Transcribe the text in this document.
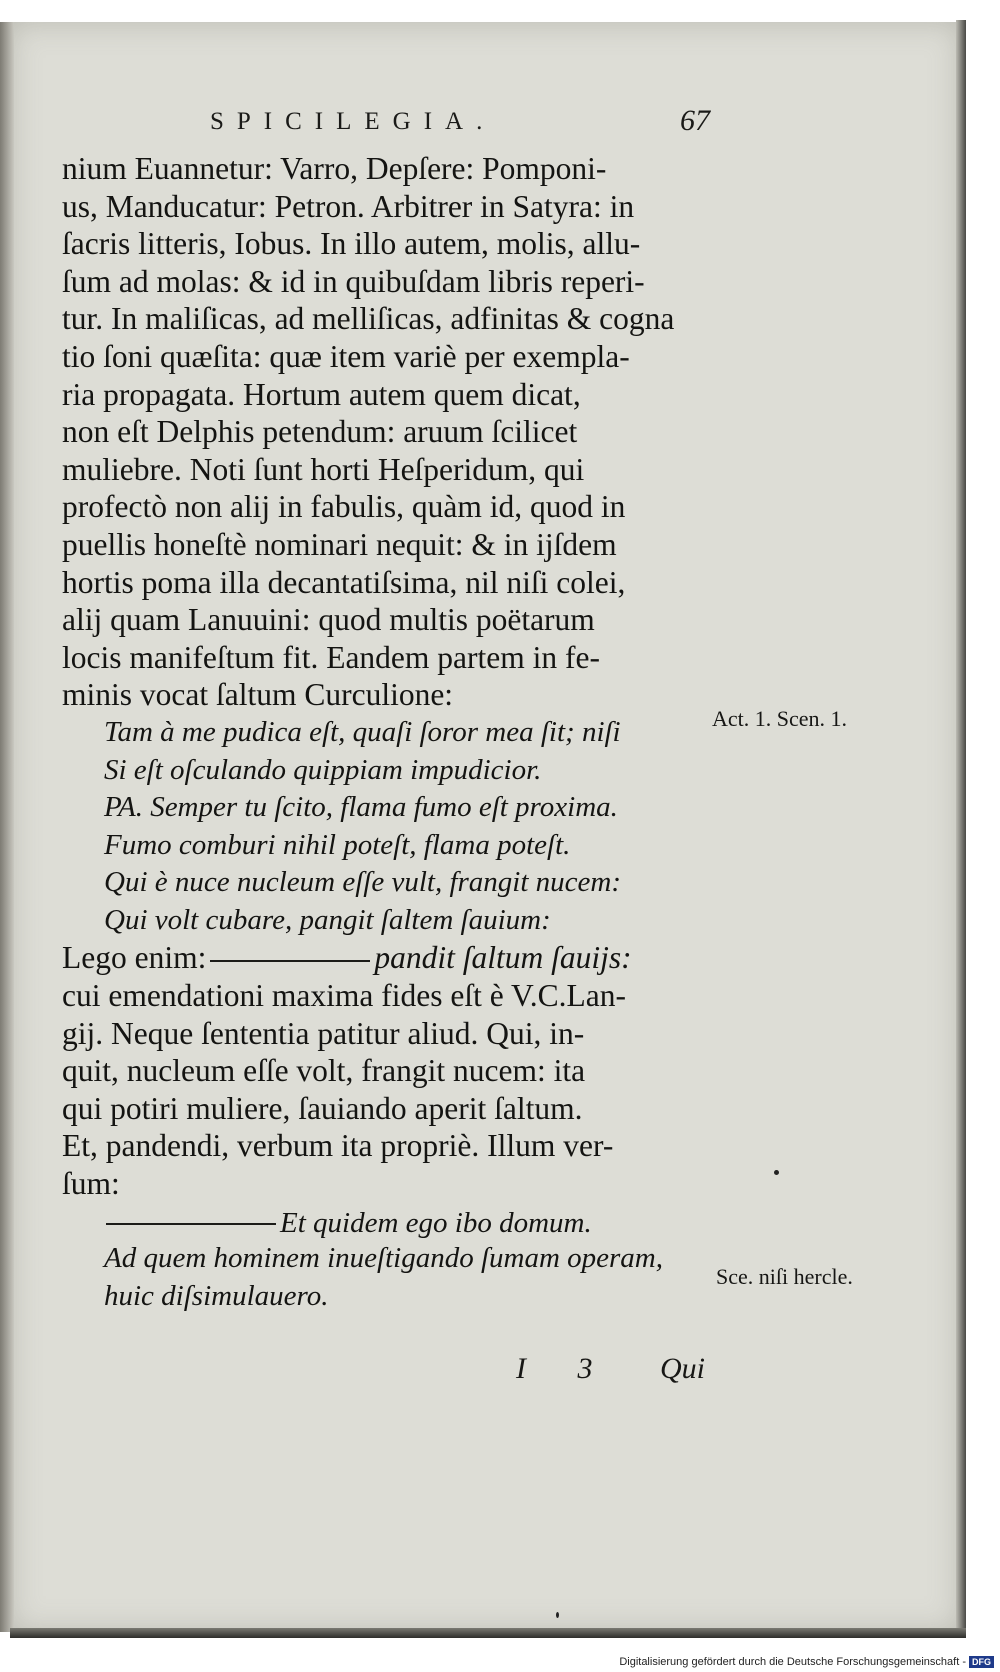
SPICILEGIA.	67
nium Euannetur: Varro, Depſere: Pomponi-
us, Manducatur: Petron. Arbitrer in Satyra: in
ſacris litteris, Iobus. In illo autem, molis, allu-
ſum ad molas: & id in quibuſdam libris reperi-
tur. In maliſicas, ad melliſicas, adfinitas & cogna
tio ſoni quæſita: quæ item variè per exempla-
ria propagata. Hortum autem quem dicat,
non eſt Delphis petendum: aruum ſcilicet
muliebre. Noti ſunt horti Heſperidum, qui
profectò non alij in fabulis, quàm id, quod in
puellis honeſtè nominari nequit: & in ijſdem
hortis poma illa decantatiſsima, nil niſi colei,
alij quam Lanuuini: quod multis poëtarum
locis manifeſtum fit. Eandem partem in fe-
minis vocat ſaltum Curculione:
Tam à me pudica eſt, quaſi ſoror mea ſit; niſi
Si eſt oſculando quippiam impudicior.
PA. Semper tu ſcito, flama fumo eſt proxima.
Fumo comburi nihil poteſt, flama poteſt.
Qui è nuce nucleum eſſe vult, frangit nucem:
Qui volt cubare, pangit ſaltem ſauium:
Lego enim:	pandit ſaltum ſauijs:
cui emendationi maxima fides eſt è V.C.Lan-
gij. Neque ſententia patitur aliud. Qui, in-
quit, nucleum eſſe volt, frangit nucem: ita
qui potiri muliere, ſauiando aperit ſaltum.
Et, pandendi, verbum ita propriè. Illum ver-
ſum:
Et quidem ego ibo domum.
Ad quem hominem inueſtigando ſumam operam,
huic diſsimulauero.
Act. 1. Scen. 1.
Sce. niſi hercle.
I 3 Qui
Digitalisierung gefördert durch die Deutsche Forschungsgemeinschaft - DFG
